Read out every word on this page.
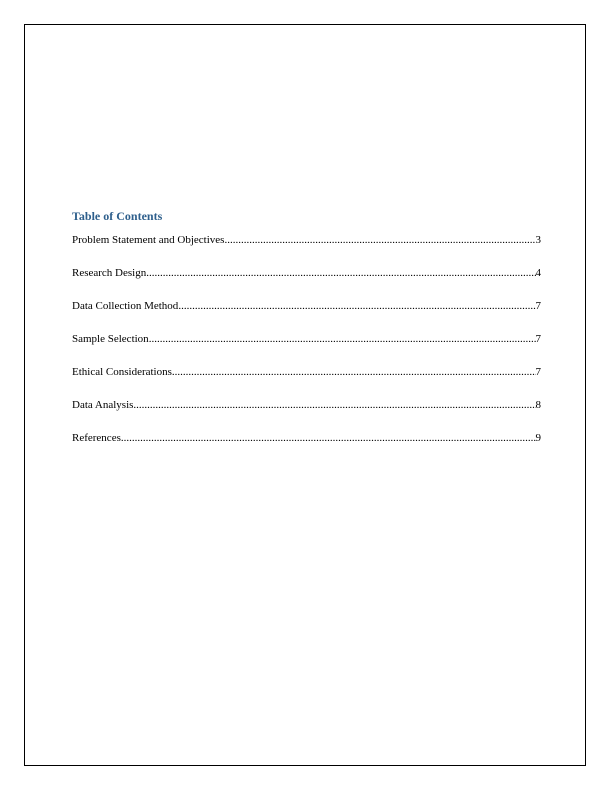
Table of Contents
Problem Statement and Objectives .....	3
Research Design .....	4
Data Collection Method .....	7
Sample Selection .....	7
Ethical Considerations .....	7
Data Analysis .....	8
References .....	9
